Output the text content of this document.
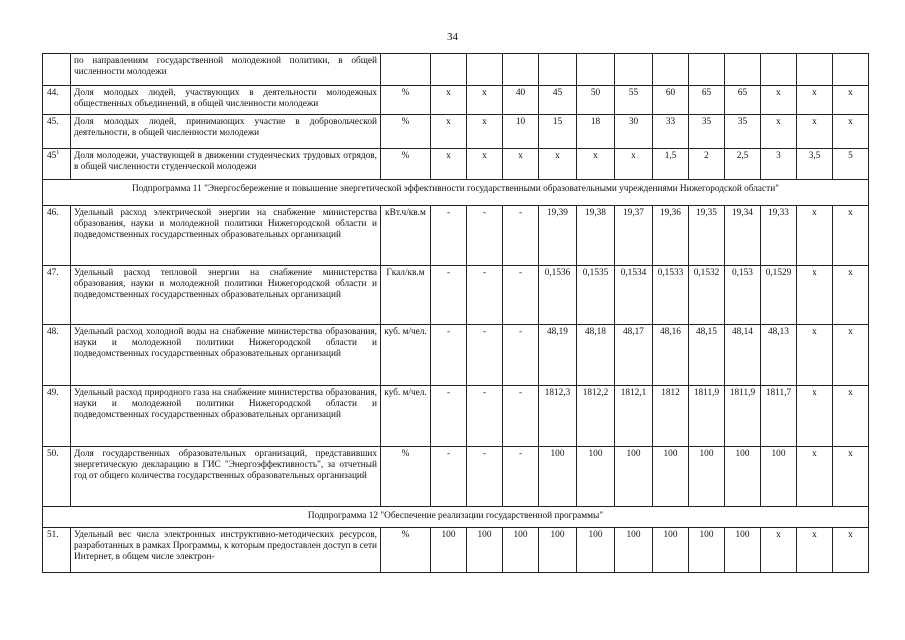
34
	по направлениям государственной молодежной политики, в общей численности молодежи													
44.	Доля молодых людей, участвующих в деятельности молодежных общественных объединений, в общей численности молодежи	%	x	x	40	45	50	55	60	65	65	x	x	x
45.	Доля молодых людей, принимающих участие в добровольческой деятельности, в общей численности молодежи	%	x	x	10	15	18	30	33	35	35	x	x	x
$45^1$	Доля молодежи, участвующей в движении студенческих трудовых отрядов, в общей численности студенческой молодежи	%	x	x	x	x	x	x	1,5	2	2,5	3	3,5	5
Подпрограмма 11 "Энергосбережение и повышение энергетической эффективности государственными образовательными учреждениями Нижегородской области"														
46.	Удельный расход электрической энергии на снабжение министерства образования, науки и молодежной политики Нижегородской области и подведомственных государственных образовательных организаций	кВт.ч/кв.м	-	-	-	19,39	19,38	19,37	19,36	19,35	19,34	19,33	x	x
47.	Удельный расход тепловой энергии на снабжение министерства образования, науки и молодежной политики Нижегородской области и подведомственных государственных образовательных организаций	Гкал/кв.м	-	-	-	0,1536	0,1535	0,1534	0,1533	0,1532	0,153	0,1529	x	x
48.	Удельный расход холодной воды на снабжение министерства образования, науки и молодежной политики Нижегородской области и подведомственных государственных образовательных организаций	куб. м/чел.	-	-	-	48,19	48,18	48,17	48,16	48,15	48,14	48,13	x	x
49.	Удельный расход природного газа на снабжение министерства образования, науки и молодежной политики Нижегородской области и подведомственных государственных образовательных организаций	куб. м/чел.	-	-	-	1812,3	1812,2	1812,1	1812	1811,9	1811,9	1811,7	x	x
50.	Доля государственных образовательных организаций, представивших энергетическую декларацию в ГИС "Энергоэффективность", за отчетный год от общего количества государственных образовательных организаций	%	-	-	-	100	100	100	100	100	100	100	x	x
Подпрограмма 12 "Обеспечение реализации государственной программы"														
51.	Удельный вес числа электронных инструктивно-методических ресурсов, разработанных в рамках Программы, к которым предоставлен доступ в сети Интернет, в общем числе электрон-	%	100	100	100	100	100	100	100	100	100	x	x	x
